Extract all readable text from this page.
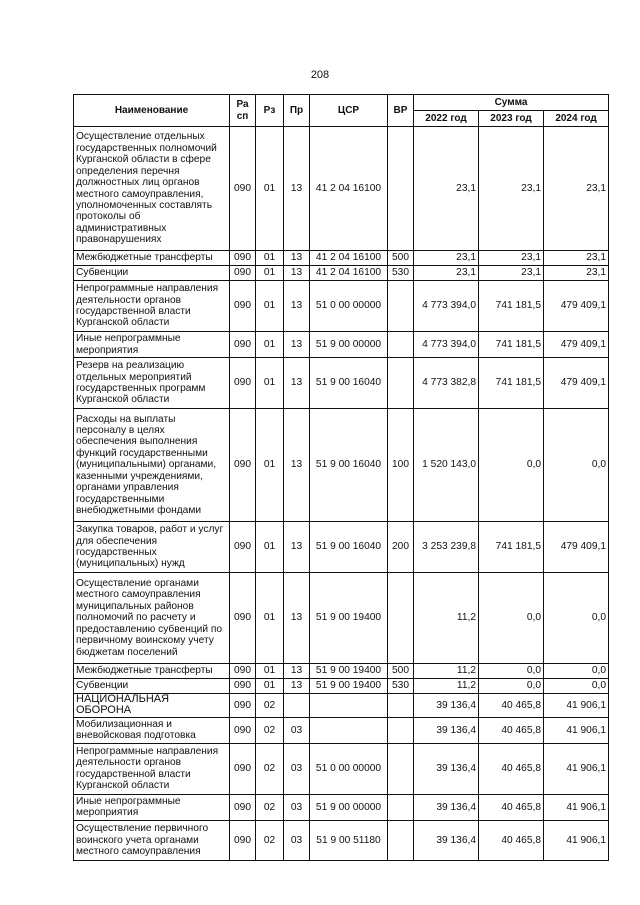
208
Наименование	Ра сп	Рз	Пр	ЦСР	ВР	Сумма		
						2022 год	2023 год	2024 год
Осуществление отдельных государственных полномочий Курганской области в сфере определения перечня должностных лиц органов местного самоуправления, уполномоченных составлять протоколы об административных правонарушениях	090	01	13	41 2 04 16100		23,1	23,1	23,1
Межбюджетные трансферты	090	01	13	41 2 04 16100	500	23,1	23,1	23,1
Субвенции	090	01	13	41 2 04 16100	530	23,1	23,1	23,1
Непрограммные направления деятельности органов государственной власти Курганской области	090	01	13	51 0 00 00000		4 773 394,0	741 181,5	479 409,1
Иные непрограммные мероприятия	090	01	13	51 9 00 00000		4 773 394,0	741 181,5	479 409,1
Резерв на реализацию отдельных мероприятий государственных программ Курганской области	090	01	13	51 9 00 16040		4 773 382,8	741 181,5	479 409,1
Расходы на выплаты персоналу в целях обеспечения выполнения функций государственными (муниципальными) органами, казенными учреждениями, органами управления государственными внебюджетными фондами	090	01	13	51 9 00 16040	100	1 520 143,0	0,0	0,0
Закупка товаров, работ и услуг для обеспечения государственных (муниципальных) нужд	090	01	13	51 9 00 16040	200	3 253 239,8	741 181,5	479 409,1
Осуществление органами местного самоуправления муниципальных районов полномочий по расчету и предоставлению субвенций по первичному воинскому учету бюджетам поселений	090	01	13	51 9 00 19400		11,2	0,0	0,0
Межбюджетные трансферты	090	01	13	51 9 00 19400	500	11,2	0,0	0,0
Субвенции	090	01	13	51 9 00 19400	530	11,2	0,0	0,0
НАЦИОНАЛЬНАЯ ОБОРОНА	090	02				39 136,4	40 465,8	41 906,1
Мобилизационная и вневойсковая подготовка	090	02	03			39 136,4	40 465,8	41 906,1
Непрограммные направления деятельности органов государственной власти Курганской области	090	02	03	51 0 00 00000		39 136,4	40 465,8	41 906,1
Иные непрограммные мероприятия	090	02	03	51 9 00 00000		39 136,4	40 465,8	41 906,1
Осуществление первичного воинского учета органами местного самоуправления	090	02	03	51 9 00 51180		39 136,4	40 465,8	41 906,1
